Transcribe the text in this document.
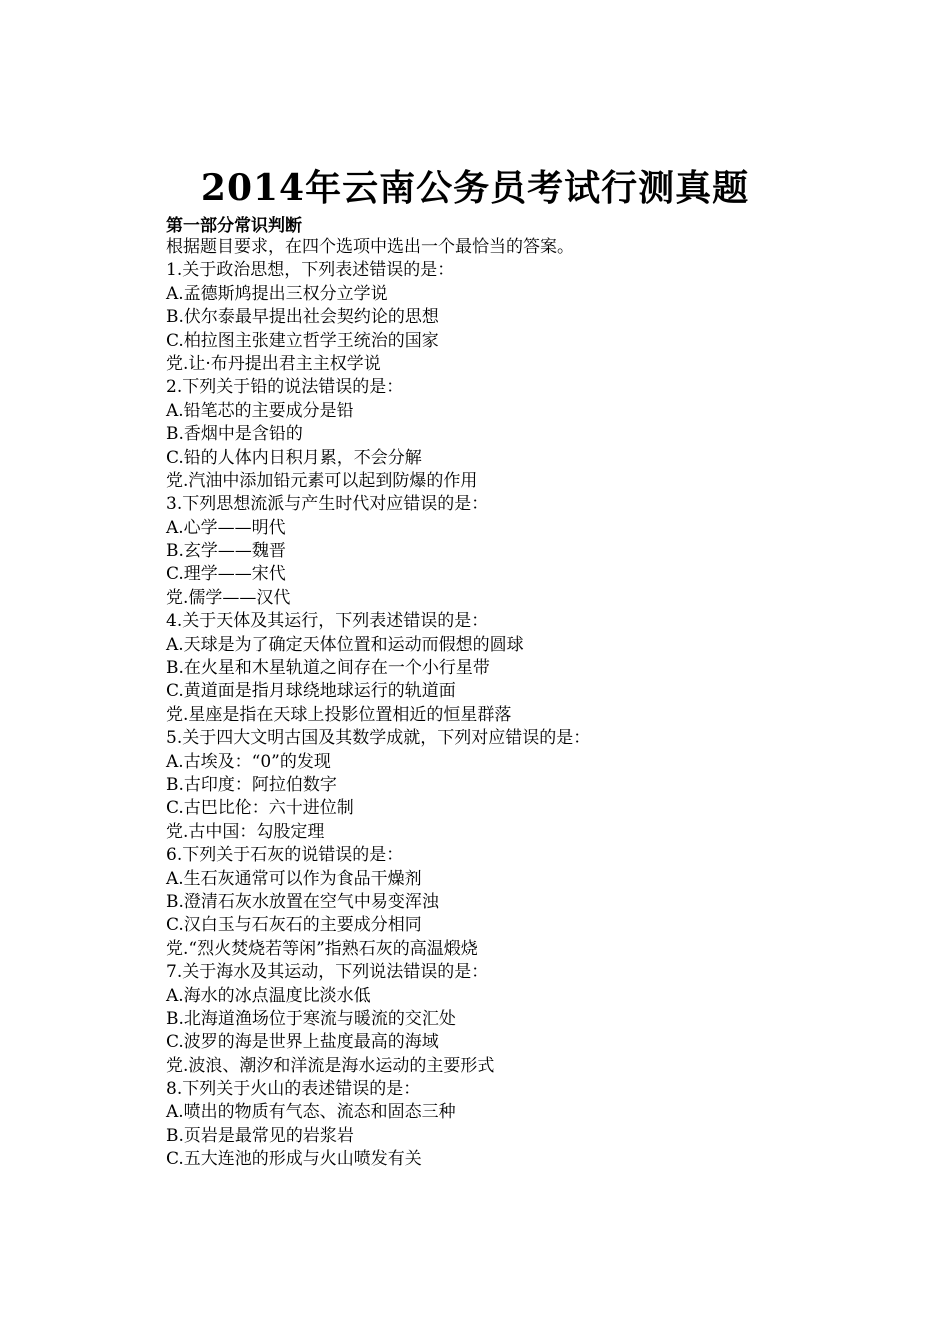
2014年云南公务员考试行测真题
第一部分常识判断
根据题目要求，在四个选项中选出一个最恰当的答案。
1.关于政治思想，下列表述错误的是：
A.孟德斯鸠提出三权分立学说
B.伏尔泰最早提出社会契约论的思想
C.柏拉图主张建立哲学王统治的国家
党.让·布丹提出君主主权学说
2.下列关于铅的说法错误的是：
A.铅笔芯的主要成分是铅
B.香烟中是含铅的
C.铅的人体内日积月累，不会分解
党.汽油中添加铅元素可以起到防爆的作用
3.下列思想流派与产生时代对应错误的是：
A.心学——明代
B.玄学——魏晋
C.理学——宋代
党.儒学——汉代
4.关于天体及其运行，下列表述错误的是：
A.天球是为了确定天体位置和运动而假想的圆球
B.在火星和木星轨道之间存在一个小行星带
C.黄道面是指月球绕地球运行的轨道面
党.星座是指在天球上投影位置相近的恒星群落
5.关于四大文明古国及其数学成就，下列对应错误的是：
A.古埃及：“0”的发现
B.古印度：阿拉伯数字
C.古巴比伦：六十进位制
党.古中国：勾股定理
6.下列关于石灰的说错误的是：
A.生石灰通常可以作为食品干燥剂
B.澄清石灰水放置在空气中易变浑浊
C.汉白玉与石灰石的主要成分相同
党.“烈火焚烧若等闲”指熟石灰的高温煅烧
7.关于海水及其运动，下列说法错误的是：
A.海水的冰点温度比淡水低
B.北海道渔场位于寒流与暖流的交汇处
C.波罗的海是世界上盐度最高的海域
党.波浪、潮汐和洋流是海水运动的主要形式
8.下列关于火山的表述错误的是：
A.喷出的物质有气态、流态和固态三种
B.页岩是最常见的岩浆岩
C.五大连池的形成与火山喷发有关
